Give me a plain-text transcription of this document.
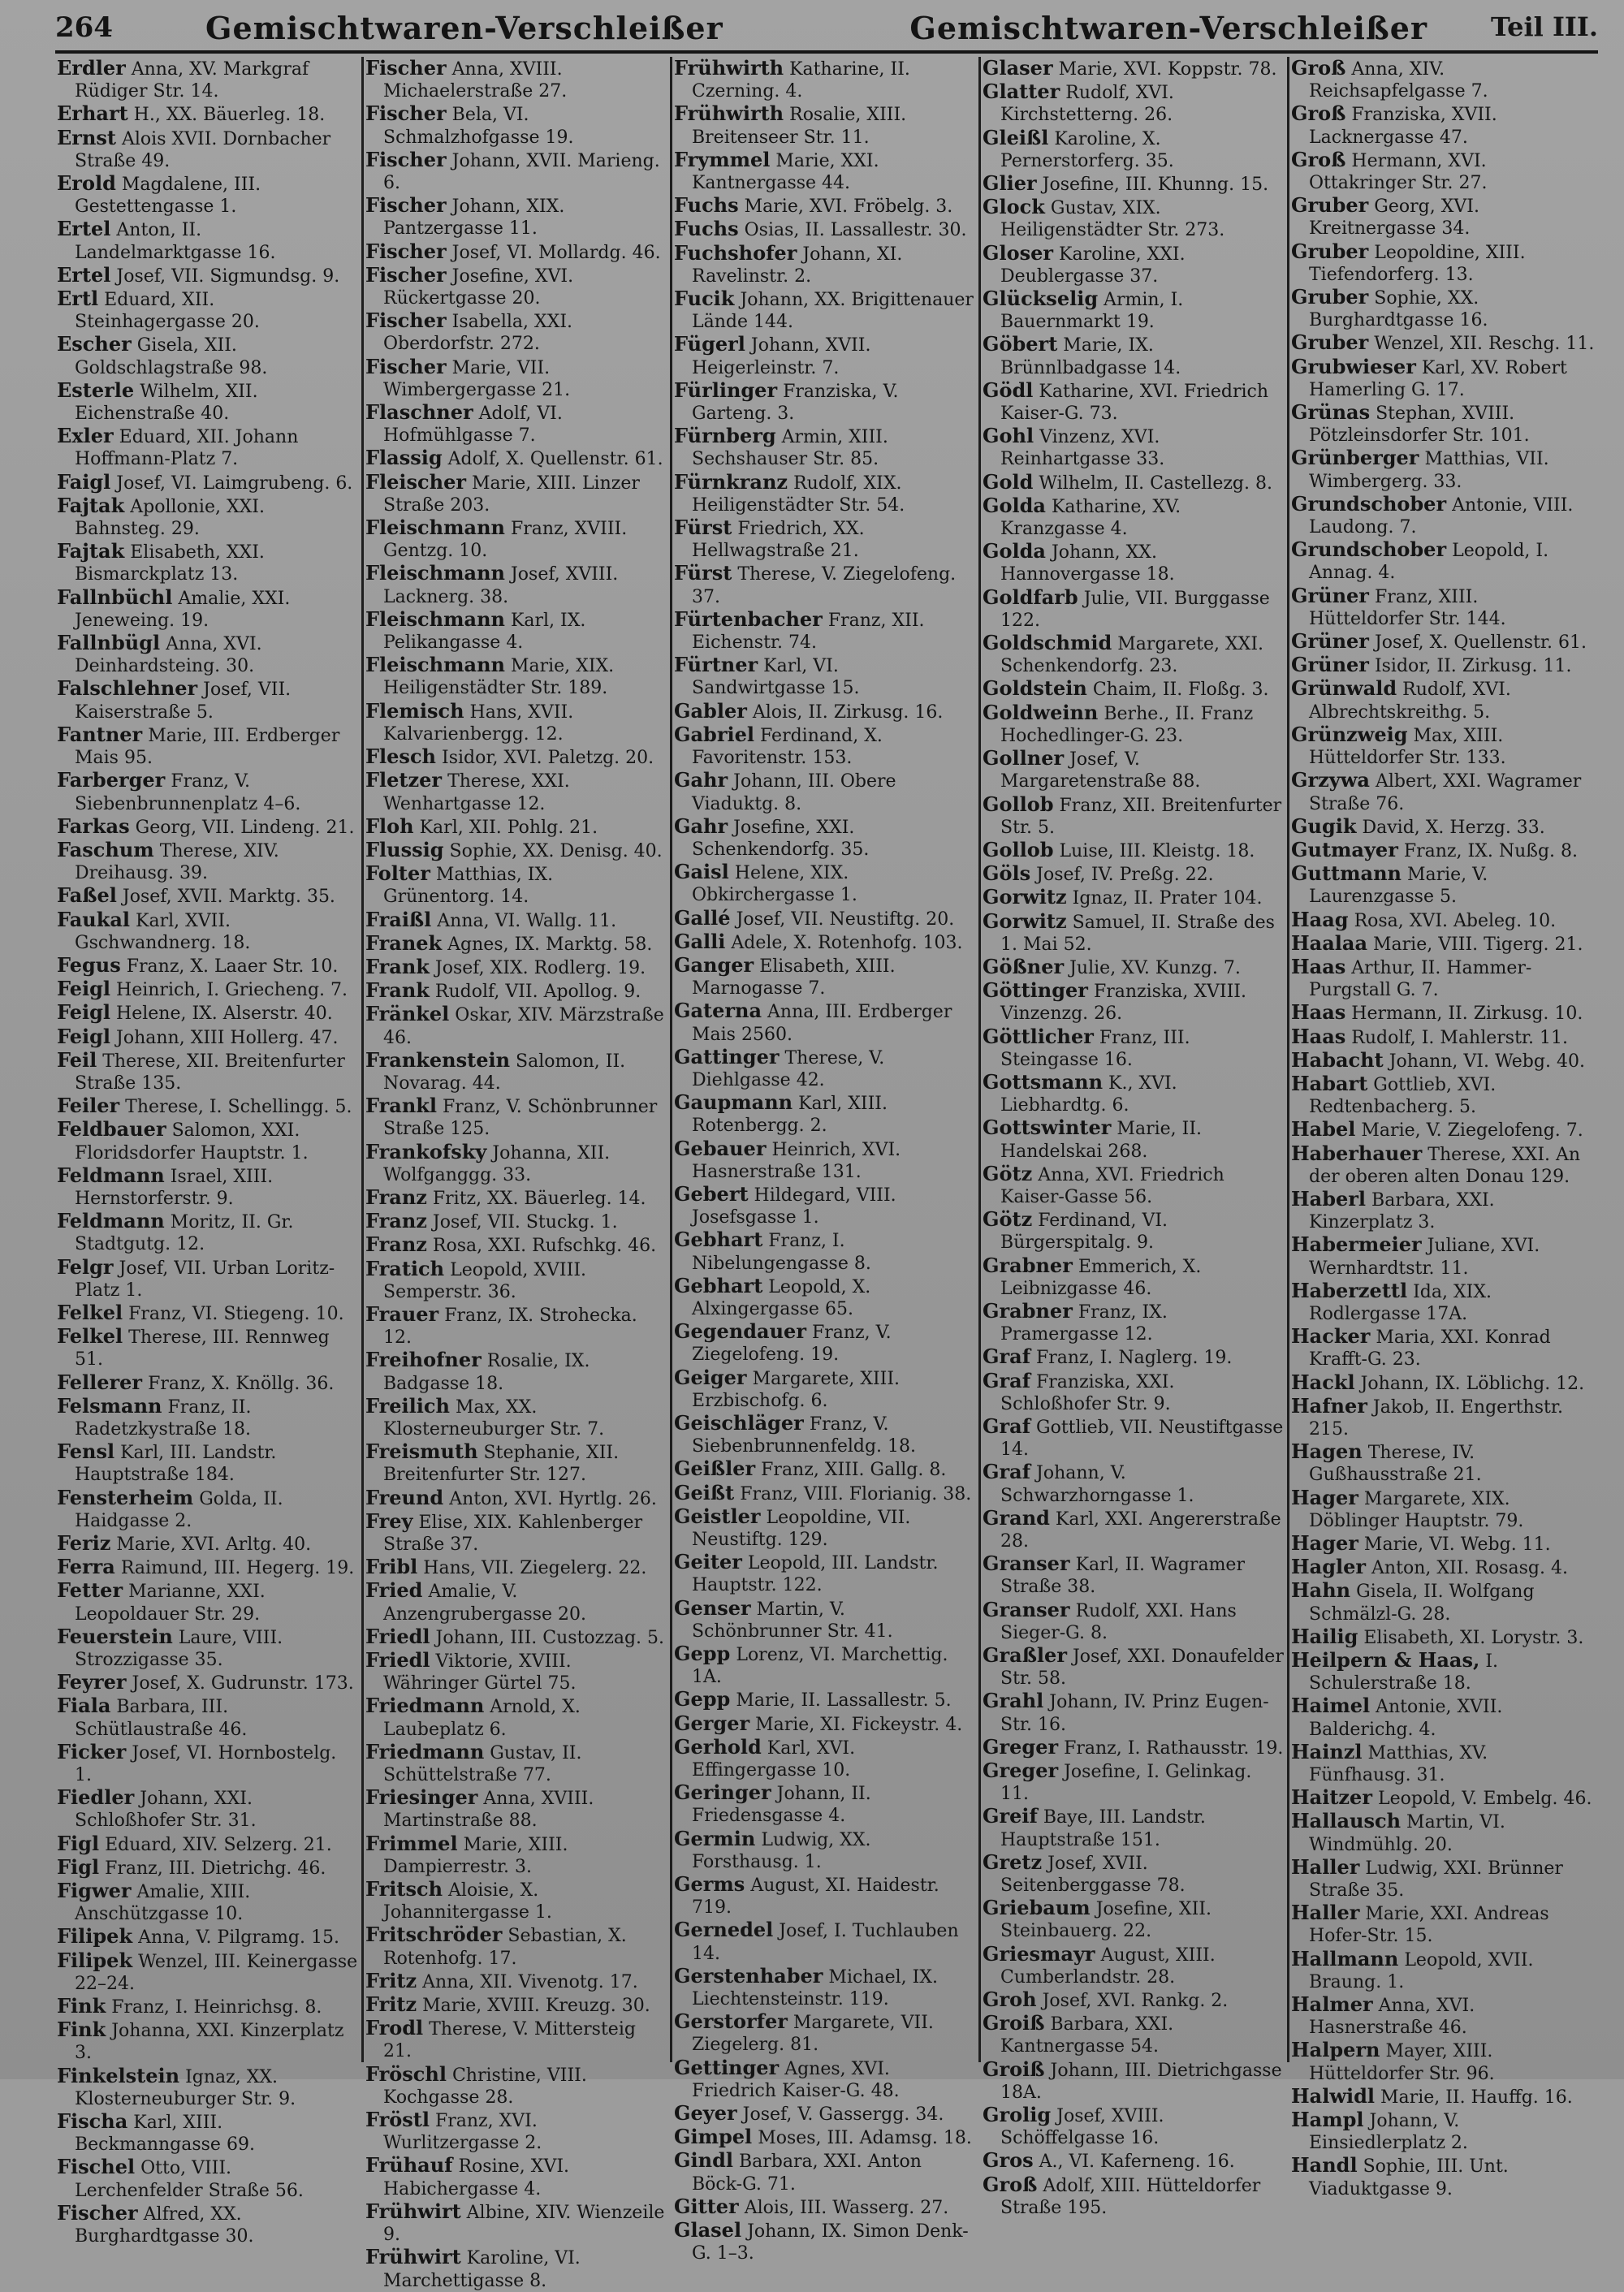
264	Gemischtwaren-Verschleißer	Gemischtwaren-Verschleißer Teil III.
Erdler Anna, XV. Markgraf Rüdiger Str. 14.
Erhart H., XX. Bäuerleg. 18.
Ernst Alois XVII. Dornbacher Straße 49.
Erold Magdalene, III. Gestettengasse 1.
Ertel Anton, II. Landelmarktgasse 16.
Ertel Josef, VII. Sigmundsg. 9.
Ertl Eduard, XII. Steinhagergasse 20.
Escher Gisela, XII. Goldschlagstraße 98.
Esterle Wilhelm, XII. Eichenstraße 40.
Exler Eduard, XII. Johann Hoffmann-Platz 7.
Faigl Josef, VI. Laimgrubeng. 6.
Fajtak Apollonie, XXI. Bahnsteg. 29.
Fajtak Elisabeth, XXI. Bismarckplatz 13.
Fallnbüchl Amalie, XXI. Jeneweing. 19.
Fallnbügl Anna, XVI. Deinhardsteing. 30.
Falschlehner Josef, VII. Kaiserstraße 5.
Fantner Marie, III. Erdberger Mais 95.
Farberger Franz, V. Siebenbrunnenplatz 4–6.
Farkas Georg, VII. Lindeng. 21.
Faschum Therese, XIV. Dreihausg. 39.
Faßel Josef, XVII. Marktg. 35.
Faukal Karl, XVII. Gschwandnerg. 18.
Fegus Franz, X. Laaer Str. 10.
Feigl Heinrich, I. Griecheng. 7.
Feigl Helene, IX. Alserstr. 40.
Feigl Johann, XIII Hollerg. 47.
Feil Therese, XII. Breitenfurter Straße 135.
Feiler Therese, I. Schellingg. 5.
Feldbauer Salomon, XXI. Floridsdorfer Hauptstr. 1.
Feldmann Israel, XIII. Hernstorferstr. 9.
Feldmann Moritz, II. Gr. Stadtgutg. 12.
Felgr Josef, VII. Urban Loritz-Platz 1.
Felkel Franz, VI. Stiegeng. 10.
Felkel Therese, III. Rennweg 51.
Fellerer Franz, X. Knöllg. 36.
Felsmann Franz, II. Radetzkystraße 18.
Fensl Karl, III. Landstr. Hauptstraße 184.
Fensterheim Golda, II. Haidgasse 2.
Feriz Marie, XVI. Arltg. 40.
Ferra Raimund, III. Hegerg. 19.
Fetter Marianne, XXI. Leopoldauer Str. 29.
Feuerstein Laure, VIII. Strozzigasse 35.
Feyrer Josef, X. Gudrunstr. 173.
Fiala Barbara, III. Schütlaustraße 46.
Ficker Josef, VI. Hornbostelg. 1.
Fiedler Johann, XXI. Schloßhofer Str. 31.
Figl Eduard, XIV. Selzerg. 21.
Figl Franz, III. Dietrichg. 46.
Figwer Amalie, XIII. Anschützgasse 10.
Filipek Anna, V. Pilgramg. 15.
Filipek Wenzel, III. Keinergasse 22–24.
Fink Franz, I. Heinrichsg. 8.
Fink Johanna, XXI. Kinzerplatz 3.
Finkelstein Ignaz, XX. Klosterneuburger Str. 9.
Fischa Karl, XIII. Beckmanngasse 69.
Fischel Otto, VIII. Lerchenfelder Straße 56.
Fischer Alfred, XX. Burghardtgasse 30.
Fischer Anna, XVIII. Michaelerstraße 27.
Fischer Bela, VI. Schmalzhofgasse 19.
Fischer Johann, XVII. Marieng. 6.
Fischer Johann, XIX. Pantzergasse 11.
Fischer Josef, VI. Mollardg. 46.
Fischer Josefine, XVI. Rückertgasse 20.
Fischer Isabella, XXI. Oberdorfstr. 272.
Fischer Marie, VII. Wimbergergasse 21.
Flaschner Adolf, VI. Hofmühlgasse 7.
Flassig Adolf, X. Quellenstr. 61.
Fleischer Marie, XIII. Linzer Straße 203.
Fleischmann Franz, XVIII. Gentzg. 10.
Fleischmann Josef, XVIII. Lacknerg. 38.
Fleischmann Karl, IX. Pelikangasse 4.
Fleischmann Marie, XIX. Heiligenstädter Str. 189.
Flemisch Hans, XVII. Kalvarienbergg. 12.
Flesch Isidor, XVI. Paletzg. 20.
Fletzer Therese, XXI. Wenhartgasse 12.
Floh Karl, XII. Pohlg. 21.
Flussig Sophie, XX. Denisg. 40.
Folter Matthias, IX. Grünentorg. 14.
Fraißl Anna, VI. Wallg. 11.
Franek Agnes, IX. Marktg. 58.
Frank Josef, XIX. Rodlerg. 19.
Frank Rudolf, VII. Apollog. 9.
Fränkel Oskar, XIV. Märzstraße 46.
Frankenstein Salomon, II. Novarag. 44.
Frankl Franz, V. Schönbrunner Straße 125.
Frankofsky Johanna, XII. Wolfganggg. 33.
Franz Fritz, XX. Bäuerleg. 14.
Franz Josef, VII. Stuckg. 1.
Franz Rosa, XXI. Rufschkg. 46.
Fratich Leopold, XVIII. Semperstr. 36.
Frauer Franz, IX. Strohecka. 12.
Freihofner Rosalie, IX. Badgasse 18.
Freilich Max, XX. Klosterneuburger Str. 7.
Freismuth Stephanie, XII. Breitenfurter Str. 127.
Freund Anton, XVI. Hyrtlg. 26.
Frey Elise, XIX. Kahlenberger Straße 37.
Fribl Hans, VII. Ziegelerg. 22.
Fried Amalie, V. Anzengrubergasse 20.
Friedl Johann, III. Custozzag. 5.
Friedl Viktorie, XVIII. Währinger Gürtel 75.
Friedmann Arnold, X. Laubeplatz 6.
Friedmann Gustav, II. Schüttelstraße 77.
Friesinger Anna, XVIII. Martinstraße 88.
Frimmel Marie, XIII. Dampierrestr. 3.
Fritsch Aloisie, X. Johannitergasse 1.
Fritschröder Sebastian, X. Rotenhofg. 17.
Fritz Anna, XII. Vivenotg. 17.
Fritz Marie, XVIII. Kreuzg. 30.
Frodl Therese, V. Mittersteig 21.
Fröschl Christine, VIII. Kochgasse 28.
Fröstl Franz, XVI. Wurlitzergasse 2.
Frühauf Rosine, XVI. Habichergasse 4.
Frühwirt Albine, XIV. Wienzeile 9.
Frühwirt Karoline, VI. Marchettigasse 8.
Frühwirth Katharine, II. Czerning. 4.
Frühwirth Rosalie, XIII. Breitenseer Str. 11.
Frymmel Marie, XXI. Kantnergasse 44.
Fuchs Marie, XVI. Fröbelg. 3.
Fuchs Osias, II. Lassallestr. 30.
Fuchshofer Johann, XI. Ravelinstr. 2.
Fucik Johann, XX. Brigittenauer Lände 144.
Fügerl Johann, XVII. Heigerleinstr. 7.
Fürlinger Franziska, V. Garteng. 3.
Fürnberg Armin, XIII. Sechshauser Str. 85.
Fürnkranz Rudolf, XIX. Heiligenstädter Str. 54.
Fürst Friedrich, XX. Hellwagstraße 21.
Fürst Therese, V. Ziegelofeng. 37.
Fürtenbacher Franz, XII. Eichenstr. 74.
Fürtner Karl, VI. Sandwirtgasse 15.
Gabler Alois, II. Zirkusg. 16.
Gabriel Ferdinand, X. Favoritenstr. 153.
Gahr Johann, III. Obere Viaduktg. 8.
Gahr Josefine, XXI. Schenkendorfg. 35.
Gaisl Helene, XIX. Obkirchergasse 1.
Gallé Josef, VII. Neustiftg. 20.
Galli Adele, X. Rotenhofg. 103.
Ganger Elisabeth, XIII. Marnogasse 7.
Gaterna Anna, III. Erdberger Mais 2560.
Gattinger Therese, V. Diehlgasse 42.
Gaupmann Karl, XIII. Rotenbergg. 2.
Gebauer Heinrich, XVI. Hasnerstraße 131.
Gebert Hildegard, VIII. Josefsgasse 1.
Gebhart Franz, I. Nibelungengasse 8.
Gebhart Leopold, X. Alxingergasse 65.
Gegendauer Franz, V. Ziegelofeng. 19.
Geiger Margarete, XIII. Erzbischofg. 6.
Geischläger Franz, V. Siebenbrunnenfeldg. 18.
Geißler Franz, XIII. Gallg. 8.
Geißt Franz, VIII. Florianig. 38.
Geistler Leopoldine, VII. Neustiftg. 129.
Geiter Leopold, III. Landstr. Hauptstr. 122.
Genser Martin, V. Schönbrunner Str. 41.
Gepp Lorenz, VI. Marchettig. 1A.
Gepp Marie, II. Lassallestr. 5.
Gerger Marie, XI. Fickeystr. 4.
Gerhold Karl, XVI. Effingergasse 10.
Geringer Johann, II. Friedensgasse 4.
Germin Ludwig, XX. Forsthausg. 1.
Germs August, XI. Haidestr. 719.
Gernedel Josef, I. Tuchlauben 14.
Gerstenhaber Michael, IX. Liechtensteinstr. 119.
Gerstorfer Margarete, VII. Ziegelerg. 81.
Gettinger Agnes, XVI. Friedrich Kaiser-G. 48.
Geyer Josef, V. Gassergg. 34.
Gimpel Moses, III. Adamsg. 18.
Gindl Barbara, XXI. Anton Böck-G. 71.
Gitter Alois, III. Wasserg. 27.
Glasel Johann, IX. Simon Denk-G. 1–3.
Glaser Marie, XVI. Koppstr. 78.
Glatter Rudolf, XVI. Kirchstetterng. 26.
Gleißl Karoline, X. Pernerstorferg. 35.
Glier Josefine, III. Khunng. 15.
Glock Gustav, XIX. Heiligenstädter Str. 273.
Gloser Karoline, XXI. Deublergasse 37.
Glückselig Armin, I. Bauernmarkt 19.
Göbert Marie, IX. Brünnlbadgasse 14.
Gödl Katharine, XVI. Friedrich Kaiser-G. 73.
Gohl Vinzenz, XVI. Reinhartgasse 33.
Gold Wilhelm, II. Castellezg. 8.
Golda Katharine, XV. Kranzgasse 4.
Golda Johann, XX. Hannovergasse 18.
Goldfarb Julie, VII. Burggasse 122.
Goldschmid Margarete, XXI. Schenkendorfg. 23.
Goldstein Chaim, II. Floßg. 3.
Goldweinn Berhe., II. Franz Hochedlinger-G. 23.
Gollner Josef, V. Margaretenstraße 88.
Gollob Franz, XII. Breitenfurter Str. 5.
Gollob Luise, III. Kleistg. 18.
Göls Josef, IV. Preßg. 22.
Gorwitz Ignaz, II. Prater 104.
Gorwitz Samuel, II. Straße des 1. Mai 52.
Gößner Julie, XV. Kunzg. 7.
Göttinger Franziska, XVIII. Vinzenzg. 26.
Göttlicher Franz, III. Steingasse 16.
Gottsmann K., XVI. Liebhardtg. 6.
Gottswinter Marie, II. Handelskai 268.
Götz Anna, XVI. Friedrich Kaiser-Gasse 56.
Götz Ferdinand, VI. Bürgerspitalg. 9.
Grabner Emmerich, X. Leibnizgasse 46.
Grabner Franz, IX. Pramergasse 12.
Graf Franz, I. Naglerg. 19.
Graf Franziska, XXI. Schloßhofer Str. 9.
Graf Gottlieb, VII. Neustiftgasse 14.
Graf Johann, V. Schwarzhorngasse 1.
Grand Karl, XXI. Angererstraße 28.
Granser Karl, II. Wagramer Straße 38.
Granser Rudolf, XXI. Hans Sieger-G. 8.
Graßler Josef, XXI. Donaufelder Str. 58.
Grahl Johann, IV. Prinz Eugen-Str. 16.
Greger Franz, I. Rathausstr. 19.
Greger Josefine, I. Gelinkag. 11.
Greif Baye, III. Landstr. Hauptstraße 151.
Gretz Josef, XVII. Seitenberggasse 78.
Griebaum Josefine, XII. Steinbauerg. 22.
Griesmayr August, XIII. Cumberlandstr. 28.
Groh Josef, XVI. Rankg. 2.
Groiß Barbara, XXI. Kantnergasse 54.
Groiß Johann, III. Dietrichgasse 18A.
Grolig Josef, XVIII. Schöffelgasse 16.
Gros A., VI. Kaferneng. 16.
Groß Adolf, XIII. Hütteldorfer Straße 195.
Groß Anna, XIV. Reichsapfelgasse 7.
Groß Franziska, XVII. Lacknergasse 47.
Groß Hermann, XVI. Ottakringer Str. 27.
Gruber Georg, XVI. Kreitnergasse 34.
Gruber Leopoldine, XIII. Tiefendorferg. 13.
Gruber Sophie, XX. Burghardtgasse 16.
Gruber Wenzel, XII. Reschg. 11.
Grubwieser Karl, XV. Robert Hamerling G. 17.
Grünas Stephan, XVIII. Pötzleinsdorfer Str. 101.
Grünberger Matthias, VII. Wimbergerg. 33.
Grundschober Antonie, VIII. Laudong. 7.
Grundschober Leopold, I. Annag. 4.
Grüner Franz, XIII. Hütteldorfer Str. 144.
Grüner Josef, X. Quellenstr. 61.
Grüner Isidor, II. Zirkusg. 11.
Grünwald Rudolf, XVI. Albrechtskreithg. 5.
Grünzweig Max, XIII. Hütteldorfer Str. 133.
Grzywa Albert, XXI. Wagramer Straße 76.
Gugik David, X. Herzg. 33.
Gutmayer Franz, IX. Nußg. 8.
Guttmann Marie, V. Laurenzgasse 5.
Haag Rosa, XVI. Abeleg. 10.
Haalaa Marie, VIII. Tigerg. 21.
Haas Arthur, II. Hammer-Purgstall G. 7.
Haas Hermann, II. Zirkusg. 10.
Haas Rudolf, I. Mahlerstr. 11.
Habacht Johann, VI. Webg. 40.
Habart Gottlieb, XVI. Redtenbacherg. 5.
Habel Marie, V. Ziegelofeng. 7.
Haberhauer Therese, XXI. An der oberen alten Donau 129.
Haberl Barbara, XXI. Kinzerplatz 3.
Habermeier Juliane, XVI. Wernhardtstr. 11.
Haberzettl Ida, XIX. Rodlergasse 17A.
Hacker Maria, XXI. Konrad Krafft-G. 23.
Hackl Johann, IX. Löblichg. 12.
Hafner Jakob, II. Engerthstr. 215.
Hagen Therese, IV. Gußhausstraße 21.
Hager Margarete, XIX. Döblinger Hauptstr. 79.
Hager Marie, VI. Webg. 11.
Hagler Anton, XII. Rosasg. 4.
Hahn Gisela, II. Wolfgang Schmälzl-G. 28.
Hailig Elisabeth, XI. Lorystr. 3.
Heilpern & Haas, I. Schulerstraße 18.
Haimel Antonie, XVII. Balderichg. 4.
Hainzl Matthias, XV. Fünfhausg. 31.
Haitzer Leopold, V. Embelg. 46.
Hallausch Martin, VI. Windmühlg. 20.
Haller Ludwig, XXI. Brünner Straße 35.
Haller Marie, XXI. Andreas Hofer-Str. 15.
Hallmann Leopold, XVII. Braung. 1.
Halmer Anna, XVI. Hasnerstraße 46.
Halpern Mayer, XIII. Hütteldorfer Str. 96.
Halwidl Marie, II. Hauffg. 16.
Hampl Johann, V. Einsiedlerplatz 2.
Handl Sophie, III. Unt. Viaduktgasse 9.
